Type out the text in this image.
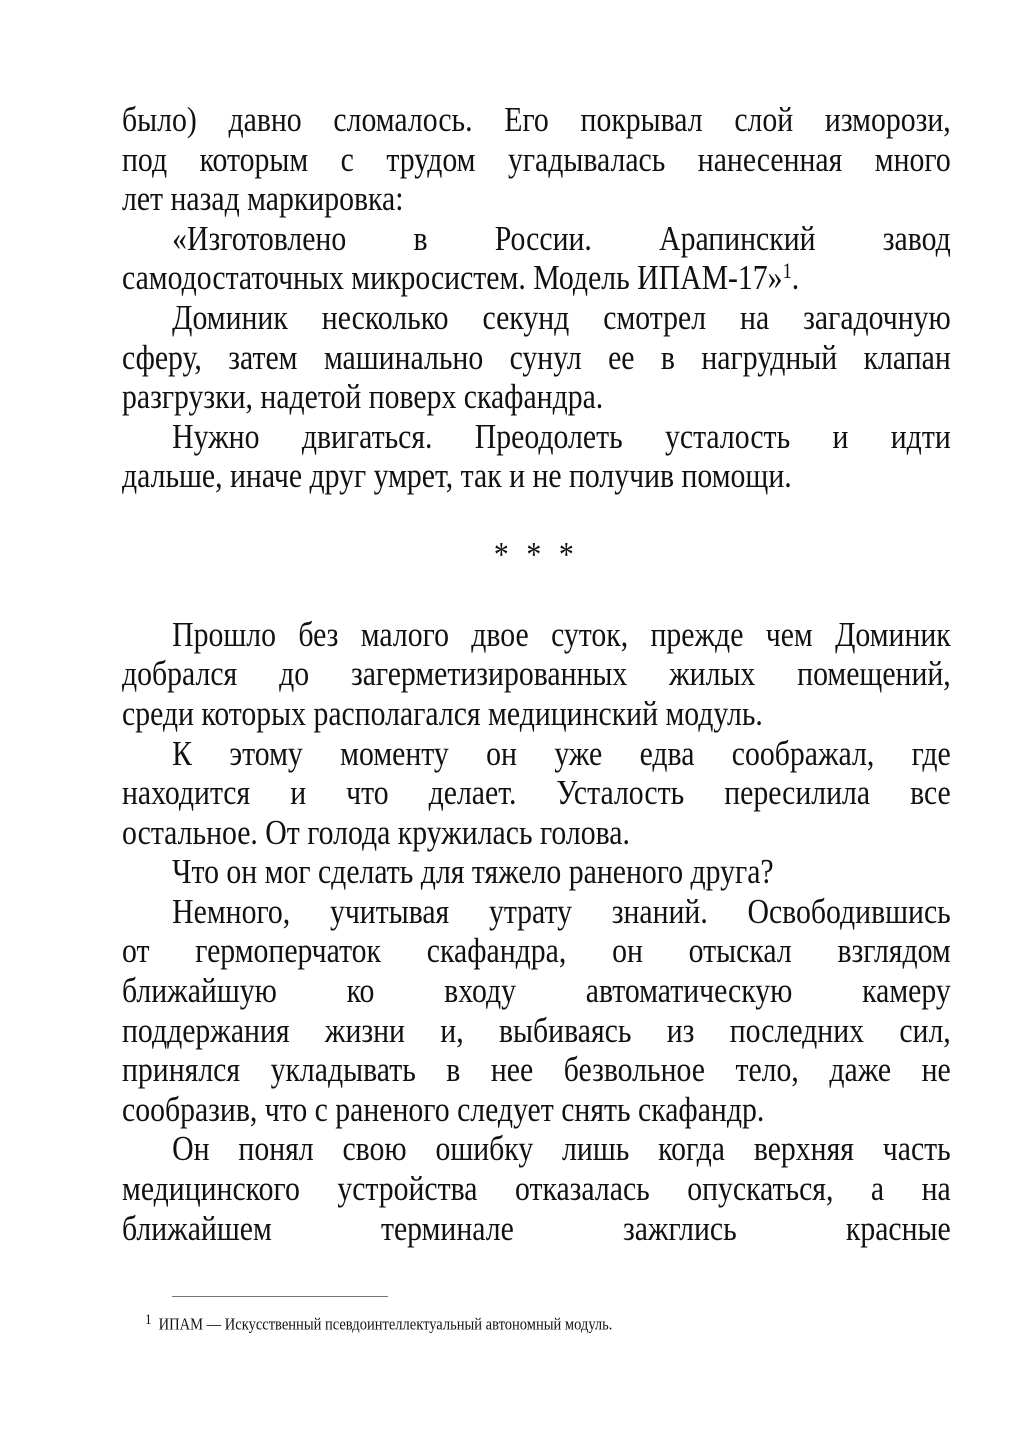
было) давно сломалось. Его покрывал слой изморози,
под которым с трудом угадывалась нанесенная много
лет назад маркировка:
«Изготовлено в России. Арапинский завод
самодостаточных микросистем. Модель ИПАМ-17»$^1$.
Доминик несколько секунд смотрел на загадочную
сферу, затем машинально сунул ее в нагрудный клапан
разгрузки, надетой поверх скафандра.
Нужно двигаться. Преодолеть усталость и идти
дальше, иначе друг умрет, так и не получив помощи.
* * *
Прошло без малого двое суток, прежде чем Доминик
добрался до загерметизированных жилых помещений,
среди которых располагался медицинский модуль.
К этому моменту он уже едва соображал, где
находится и что делает. Усталость пересилила все
остальное. От голода кружилась голова.
Что он мог сделать для тяжело раненого друга?
Немного, учитывая утрату знаний. Освободившись
от гермоперчаток скафандра, он отыскал взглядом
ближайшую ко входу автоматическую камеру
поддержания жизни и, выбиваясь из последних сил,
принялся укладывать в нее безвольное тело, даже не
сообразив, что с раненого следует снять скафандр.
Он понял свою ошибку лишь когда верхняя часть
медицинского устройства отказалась опускаться, а на
ближайшем терминале зажглись красные
1 ИПАМ — Искусственный псевдоинтеллектуальный автономный модуль.
